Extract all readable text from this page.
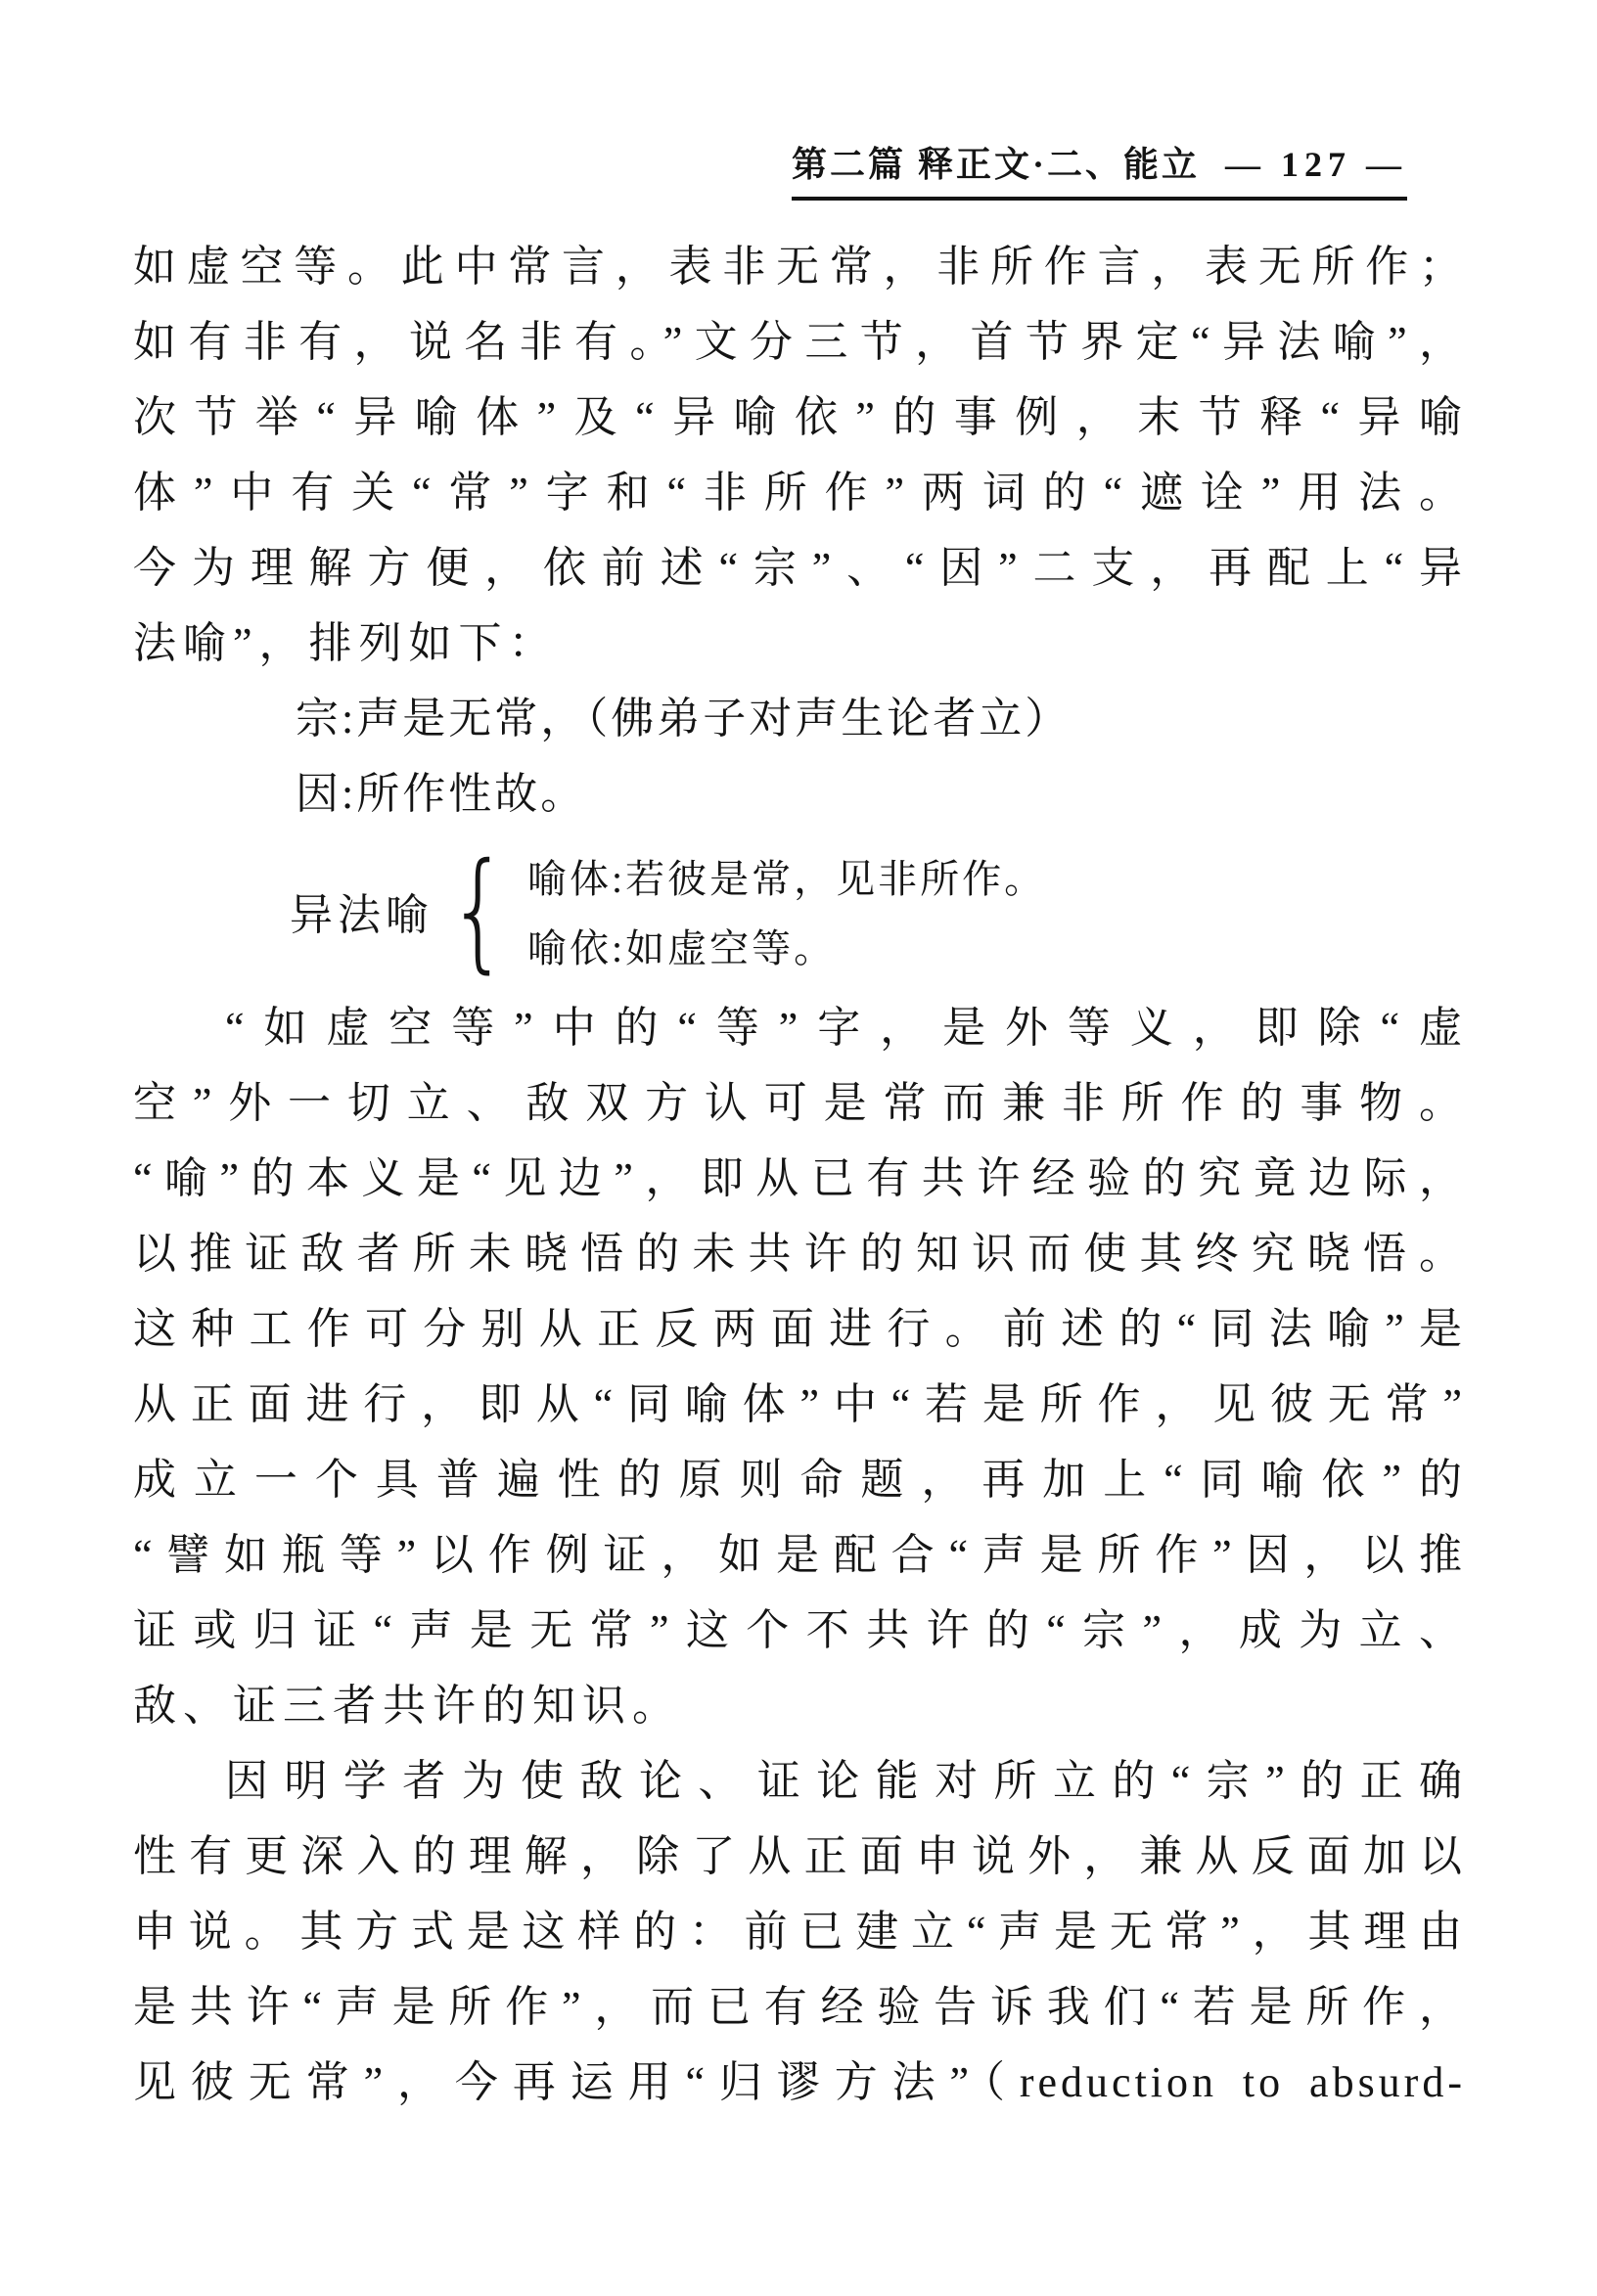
第二篇 释正文·二、能立 — 127 —
如虚空等。此中常言，表非无常，非所作言，表无所作；
如有非有，说名非有。”文分三节，首节界定“异法喻”，
次节举“异喻体”及“异喻依”的事例，末节释“异喻
体”中有关“常”字和“非所作”两词的“遮诠”用法。
今为理解方便，依前述“宗”、“因”二支，再配上“异
法喻”，排列如下：
宗:声是无常，（佛弟子对声生论者立）
因:所作性故。
异法喻 { 喻体:若彼是常，见非所作。
喻依:如虚空等。
“如虚空等”中的“等”字，是外等义，即除“虚
空”外一切立、敌双方认可是常而兼非所作的事物。
“喻”的本义是“见边”，即从已有共许经验的究竟边际，
以推证敌者所未晓悟的未共许的知识而使其终究晓悟。
这种工作可分别从正反两面进行。前述的“同法喻”是
从正面进行，即从“同喻体”中“若是所作，见彼无常”
成立一个具普遍性的原则命题，再加上“同喻依”的
“譬如瓶等”以作例证，如是配合“声是所作”因，以推
证或归证“声是无常”这个不共许的“宗”，成为立、
敌、证三者共许的知识。
因明学者为使敌论、证论能对所立的“宗”的正确
性有更深入的理解，除了从正面申说外，兼从反面加以
申说。其方式是这样的：前已建立“声是无常”，其理由
是共许“声是所作”，而已有经验告诉我们“若是所作，
见彼无常”，今再运用“归谬方法”（reduction to absurd-
